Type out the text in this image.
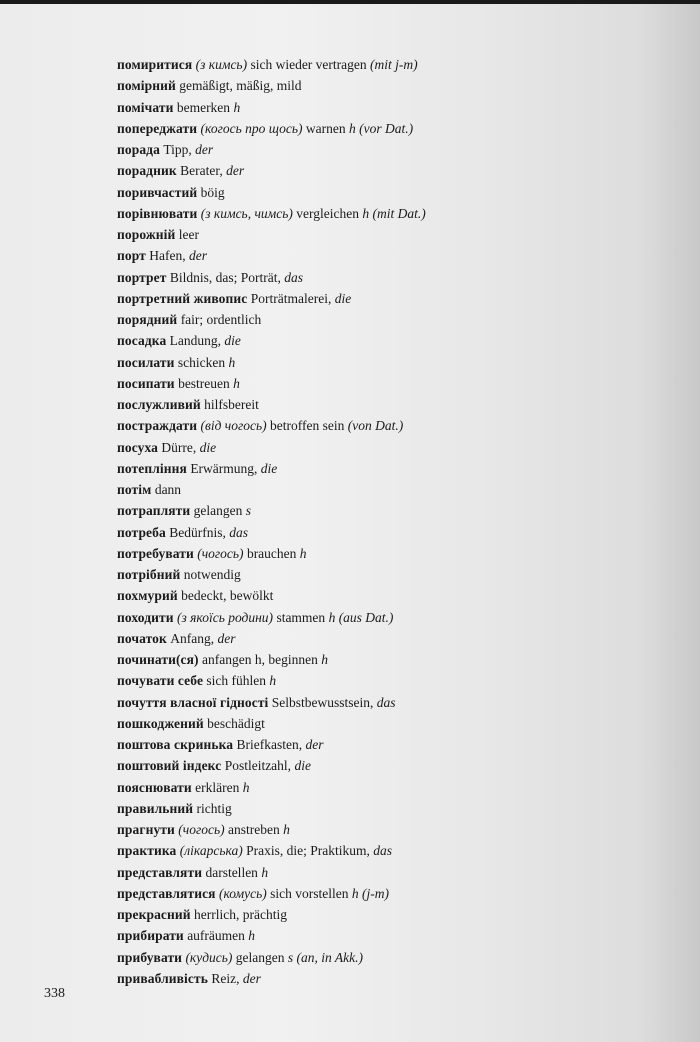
помиритися (з кимсь) sich wieder vertragen (mit j-m)
помірний gemäßigt, mäßig, mild
помічати bemerken h
попереджати (когось про щось) warnen h (vor Dat.)
порада Tipp, der
порадник Berater, der
поривчастий böig
порівнювати (з кимсь, чимсь) vergleichen h (mit Dat.)
порожній leer
порт Hafen, der
портрет Bildnis, das; Porträt, das
портретний живопис Porträtmalerei, die
порядний fair; ordentlich
посадка Landung, die
посилати schicken h
посипати bestreuen h
послужливий hilfsbereit
постраждати (від чогось) betroffen sein (von Dat.)
посуха Dürre, die
потепління Erwärmung, die
потім dann
потрапляти gelangen s
потреба Bedürfnis, das
потребувати (чогось) brauchen h
потрібний notwendig
похмурий bedeckt, bewölkt
походити (з якоїсь родини) stammen h (aus Dat.)
початок Anfang, der
починати(ся) anfangen h, beginnen h
почувати себе sich fühlen h
почуття власної гідності Selbstbewusstsein, das
пошкоджений beschädigt
поштова скринька Briefkasten, der
поштовий індекс Postleitzahl, die
пояснювати erklären h
правильний richtig
прагнути (чогось) anstreben h
практика (лікарська) Praxis, die; Praktikum, das
представляти darstellen h
представлятися (комусь) sich vorstellen h (j-m)
прекрасний herrlich, prächtig
прибирати aufräumen h
прибувати (кудись) gelangen s (an, in Akk.)
привабливість Reiz, der
338
